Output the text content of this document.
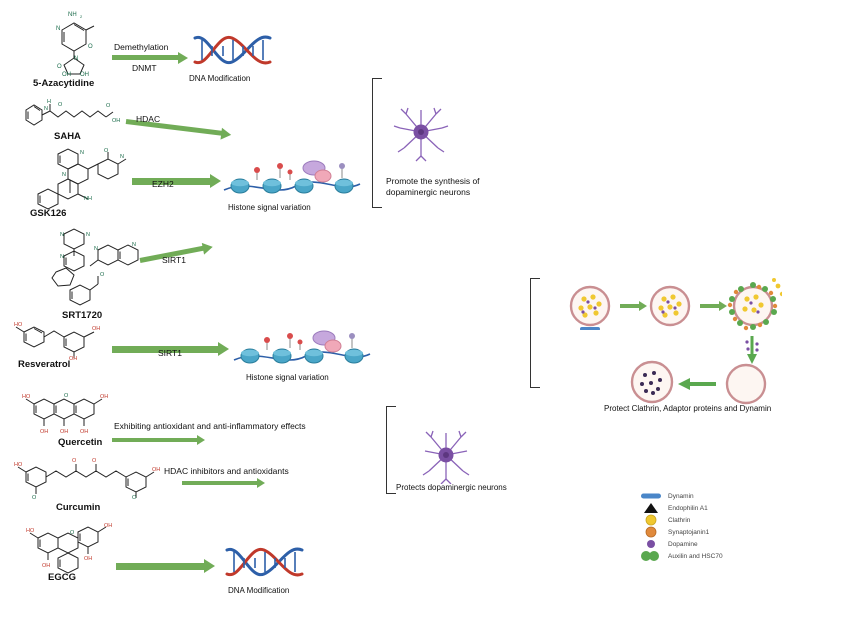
NH 2
O
N
N
O
OH OH
5-Azacytidine
N
H O	O
OH
SAHA
N
N
N
O
NH
GSK126
N	N
N
N
N
O
SRT1720
OH
OH
HO
Resveratrol
HO
OH OH
OH
OH
O
Quercetin
HO
O	O
OH
O	O
Curcumin
HO
OH
OH
OH
O
EGCG
Demethylation
DNMT
HDAC
EZH2
SIRT1
SIRT1
Exhibiting antioxidant and anti-inflammatory effects
HDAC inhibitors and antioxidants
DNA Modification
Histone signal variation
Histone signal variation
DNA Modification
Promote the synthesis of
dopaminergic neurons
Protects dopaminergic neurons
Protect Clathrin, Adaptor proteins and Dynamin
Dynamin
Endophilin A1
Clathrin
Synaptojanin1
Dopamine
Auxilin and HSC70
